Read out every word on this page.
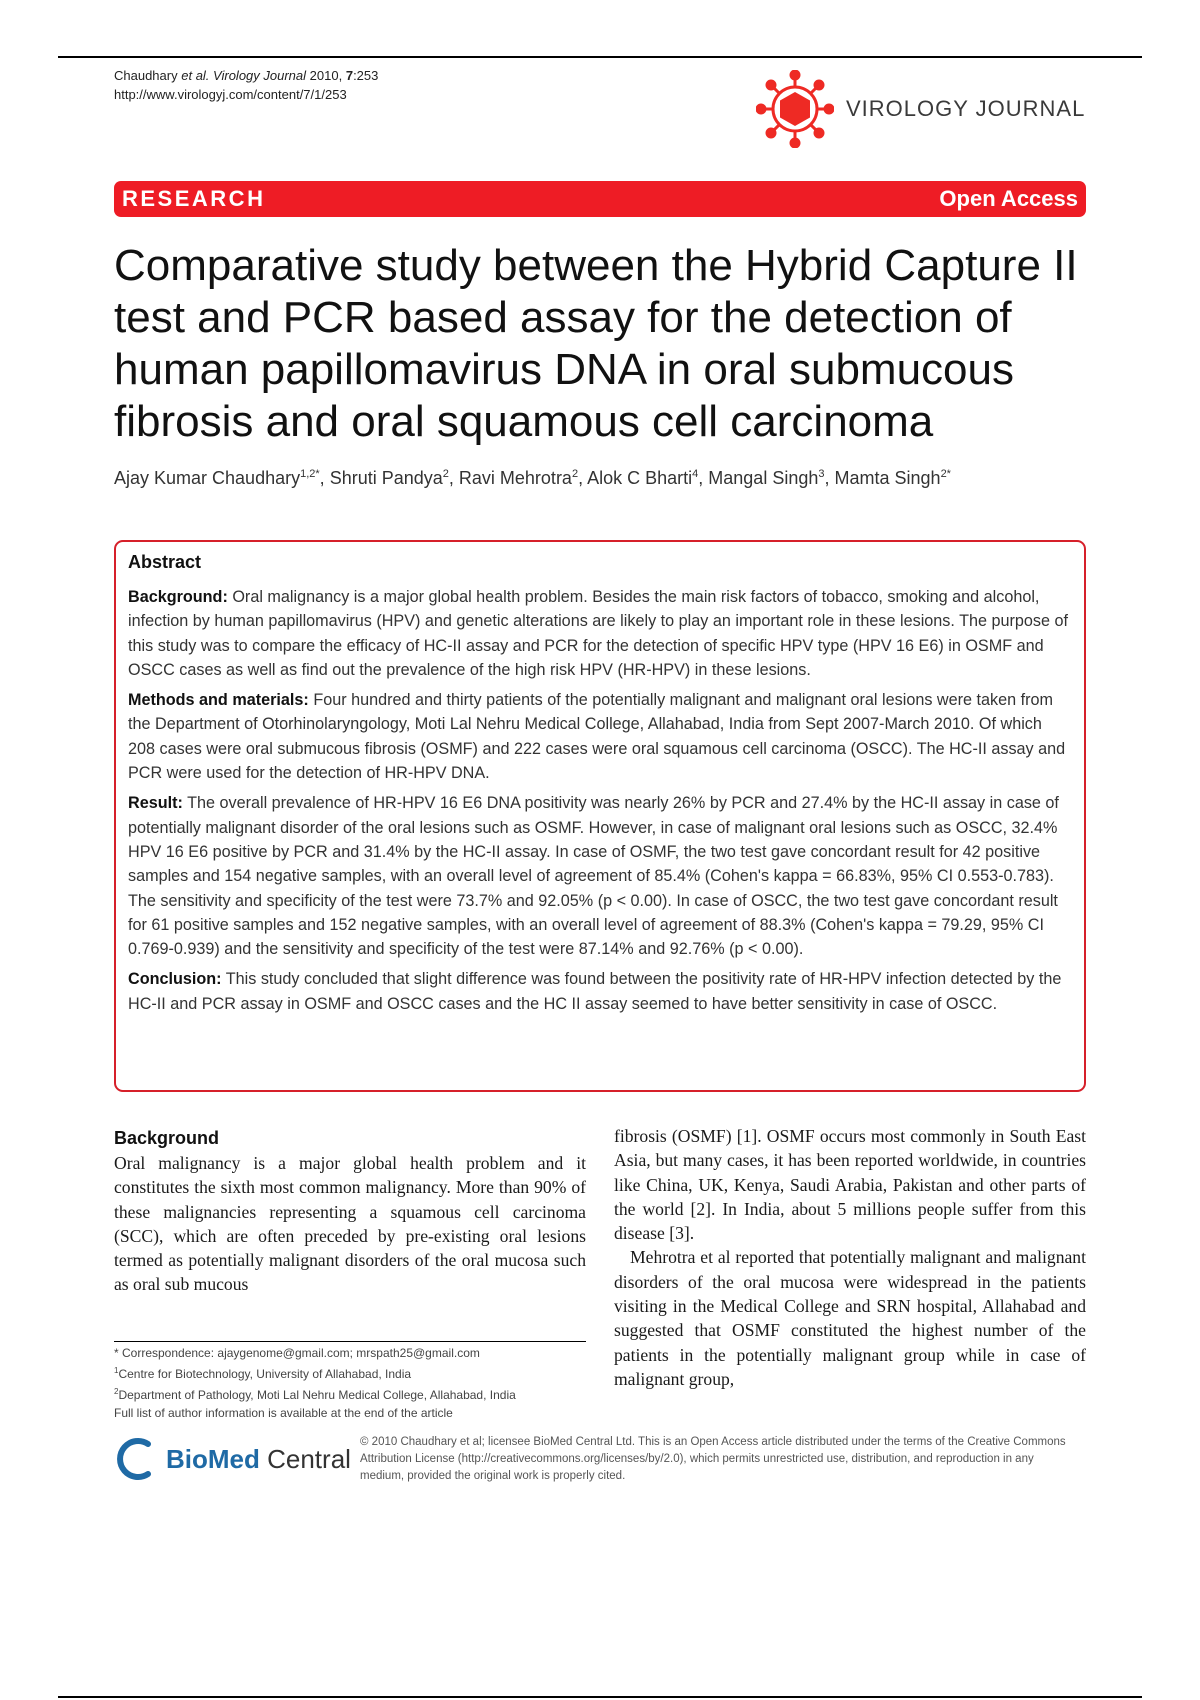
Chaudhary et al. Virology Journal 2010, 7:253
http://www.virologyj.com/content/7/1/253
VIROLOGY JOURNAL
RESEARCH	Open Access
Comparative study between the Hybrid Capture II test and PCR based assay for the detection of human papillomavirus DNA in oral submucous fibrosis and oral squamous cell carcinoma
Ajay Kumar Chaudhary$^{1,2*}$, Shruti Pandya$^2$, Ravi Mehrotra$^2$, Alok C Bharti$^4$, Mangal Singh$^3$, Mamta Singh$^{2*}$
Abstract

Background: Oral malignancy is a major global health problem. Besides the main risk factors of tobacco, smoking and alcohol, infection by human papillomavirus (HPV) and genetic alterations are likely to play an important role in these lesions. The purpose of this study was to compare the efficacy of HC-II assay and PCR for the detection of specific HPV type (HPV 16 E6) in OSMF and OSCC cases as well as find out the prevalence of the high risk HPV (HR-HPV) in these lesions.

Methods and materials: Four hundred and thirty patients of the potentially malignant and malignant oral lesions were taken from the Department of Otorhinolaryngology, Moti Lal Nehru Medical College, Allahabad, India from Sept 2007-March 2010. Of which 208 cases were oral submucous fibrosis (OSMF) and 222 cases were oral squamous cell carcinoma (OSCC). The HC-II assay and PCR were used for the detection of HR-HPV DNA.

Result: The overall prevalence of HR-HPV 16 E6 DNA positivity was nearly 26% by PCR and 27.4% by the HC-II assay in case of potentially malignant disorder of the oral lesions such as OSMF. However, in case of malignant oral lesions such as OSCC, 32.4% HPV 16 E6 positive by PCR and 31.4% by the HC-II assay. In case of OSMF, the two test gave concordant result for 42 positive samples and 154 negative samples, with an overall level of agreement of 85.4% (Cohen's kappa = 66.83%, 95% CI 0.553-0.783). The sensitivity and specificity of the test were 73.7% and 92.05% (p < 0.00). In case of OSCC, the two test gave concordant result for 61 positive samples and 152 negative samples, with an overall level of agreement of 88.3% (Cohen's kappa = 79.29, 95% CI 0.769-0.939) and the sensitivity and specificity of the test were 87.14% and 92.76% (p < 0.00).

Conclusion: This study concluded that slight difference was found between the positivity rate of HR-HPV infection detected by the HC-II and PCR assay in OSMF and OSCC cases and the HC II assay seemed to have better sensitivity in case of OSCC.

Background

Oral malignancy is a major global health problem and it constitutes the sixth most common malignancy. More than 90% of these malignancies representing a squamous cell carcinoma (SCC), which are often preceded by pre-existing oral lesions termed as potentially malignant disorders of the oral mucosa such as oral sub mucous

fibrosis (OSMF) [1]. OSMF occurs most commonly in South East Asia, but many cases, it has been reported worldwide, in countries like China, UK, Kenya, Saudi Arabia, Pakistan and other parts of the world [2]. In India, about 5 millions people suffer from this disease [3].

Mehrotra et al reported that potentially malignant and malignant disorders of the oral mucosa were widespread in the patients visiting in the Medical College and SRN hospital, Allahabad and suggested that OSMF constituted the highest number of the patients in the potentially malignant group while in case of malignant group,

* Correspondence: ajaygenome@gmail.com; mrspath25@gmail.com
$^1$Centre for Biotechnology, University of Allahabad, India
$^2$Department of Pathology, Moti Lal Nehru Medical College, Allahabad, India
Full list of author information is available at the end of the article
BioMed Central
© 2010 Chaudhary et al; licensee BioMed Central Ltd. This is an Open Access article distributed under the terms of the Creative Commons Attribution License (http://creativecommons.org/licenses/by/2.0), which permits unrestricted use, distribution, and reproduction in any medium, provided the original work is properly cited.
